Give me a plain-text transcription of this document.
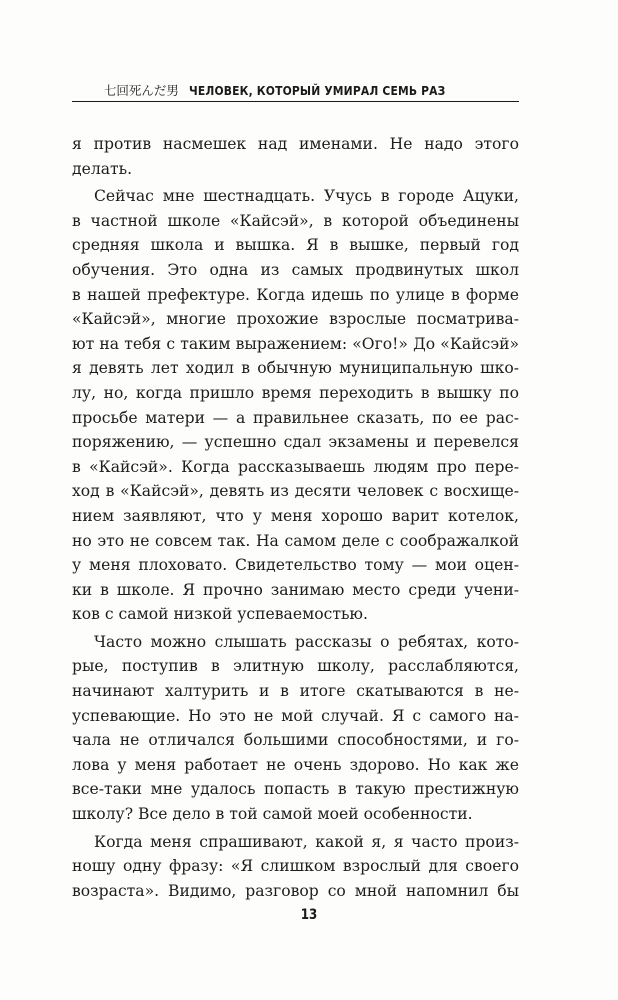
七回死んだ男 ЧЕЛОВЕК, КОТОРЫЙ УМИРАЛ СЕМЬ РАЗ
я против насмешек над именами. Не надо этого
делать.
Сейчас мне шестнадцать. Учусь в городе Ацуки,
в частной школе «Кайсэй», в которой объединены
средняя школа и вышка. Я в вышке, первый год
обучения. Это одна из самых продвинутых школ
в нашей префектуре. Когда идешь по улице в форме
«Кайсэй», многие прохожие взрослые посматрива-
ют на тебя с таким выражением: «Ого!» До «Кайсэй»
я девять лет ходил в обычную муниципальную шко-
лу, но, когда пришло время переходить в вышку по
просьбе матери — а правильнее сказать, по ее рас-
поряжению, — успешно сдал экзамены и перевелся
в «Кайсэй». Когда рассказываешь людям про пере-
ход в «Кайсэй», девять из десяти человек с восхище-
нием заявляют, что у меня хорошо варит котелок,
но это не совсем так. На самом деле с соображалкой
у меня плоховато. Свидетельство тому — мои оцен-
ки в школе. Я прочно занимаю место среди учени-
ков с самой низкой успеваемостью.
Часто можно слышать рассказы о ребятах, кото-
рые, поступив в элитную школу, расслабляются,
начинают халтурить и в итоге скатываются в не-
успевающие. Но это не мой случай. Я с самого на-
чала не отличался большими способностями, и го-
лова у меня работает не очень здорово. Но как же
все-таки мне удалось попасть в такую престижную
школу? Все дело в той самой моей особенности.
Когда меня спрашивают, какой я, я часто произ-
ношу одну фразу: «Я слишком взрослый для своего
возраста». Видимо, разговор со мной напомнил бы
13
